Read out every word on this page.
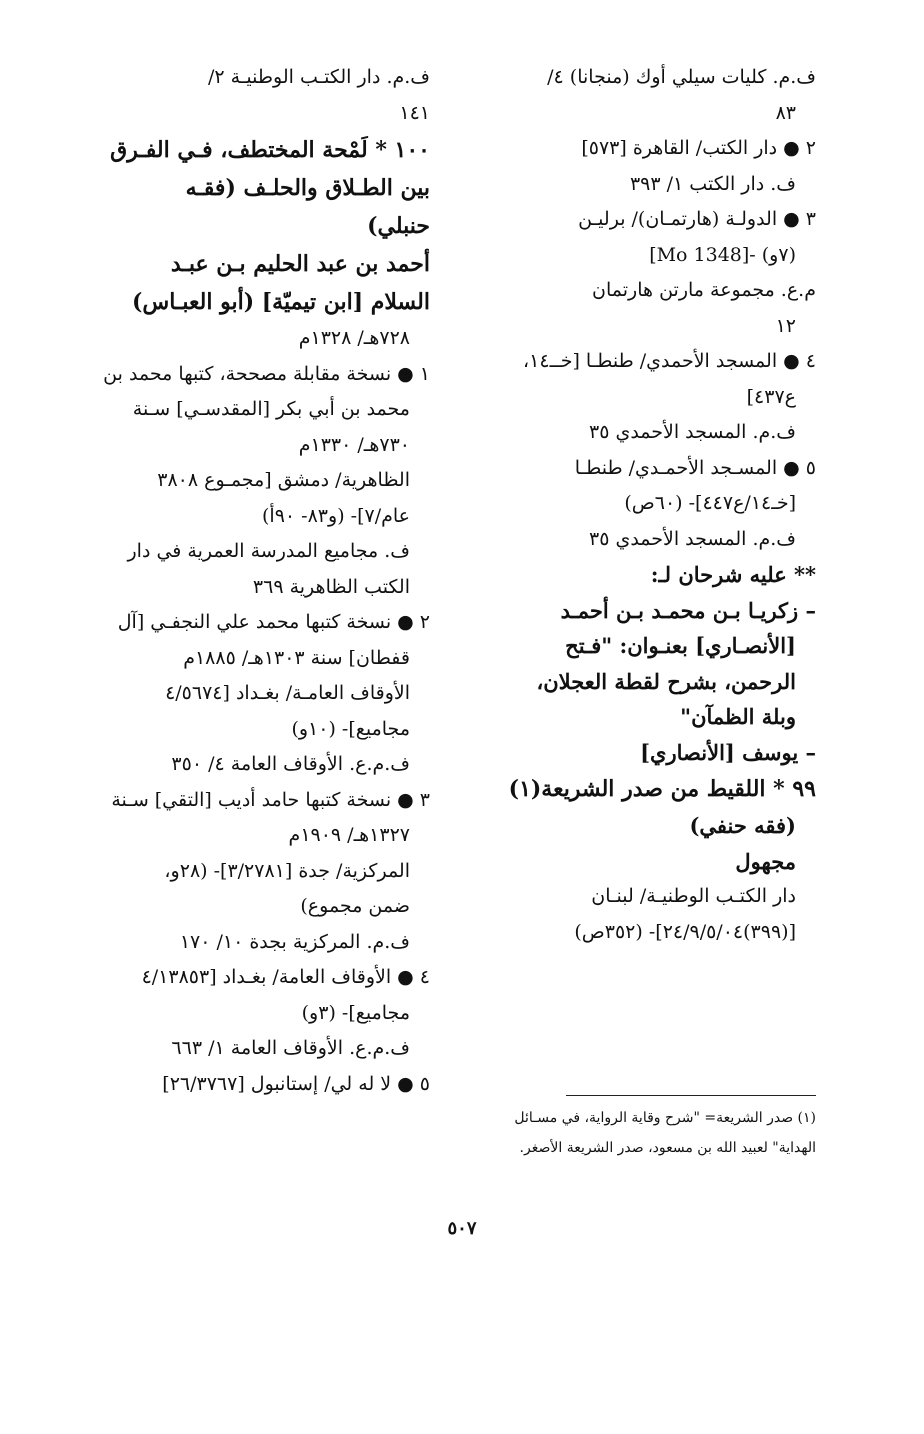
ف.م. كليات سيلي أوك (منجانا) ٤/
٨٣
٢ ● دار الكتب/ القاهرة [٥٧٣]
ف. دار الكتب ١/ ٣٩٣
٣ ● الدولـة (هارتمـان)/ برليـن
[Mo 1348]- (٧و)
م.ع. مجموعة مارتن هارتمان
١٢
٤ ● المسجد الأحمدي/ طنطـا [خــ١٤،
ع٤٣٧]
ف.م. المسجد الأحمدي ٣٥
٥ ● المسـجد الأحمـدي/ طنطـا
[خـ١٤/ع٤٤٧]- (٦٠ص)
ف.م. المسجد الأحمدي ٣٥
** عليه شرحان لـ:
– زكريـا بـن محمـد بـن أحمـد
[الأنصـاري] بعنـوان: "فـتح
الرحمن، بشرح لقطة العجلان،
وبلة الظمآن"
– يوسف [الأنصاري]
٩٩ * اللقيط من صدر الشريعة(١)
(فقه حنفي)
مجهول
دار الكتـب الوطنيـة/ لبنـان
[(٣٩٩)٢٤/٩/٥/٠٤]- (٣٥٢ص)
ف.م. دار الكتـب الوطنيـة ٢/
١٤١
١٠٠ * لَمْحة المختطف، فـي الفـرق
بين الطـلاق والحلـف (فقـه
حنبلي)
أحمد بن عبد الحليم بـن عبـد
السلام [ابن تيميّة] (أبو العبـاس)
٧٢٨هـ/ ١٣٢٨م
١ ● نسخة مقابلة مصححة، كتبها محمد بن
محمد بن أبي بكر [المقدسـي] سـنة
٧٣٠هـ/ ١٣٣٠م
الظاهرية/ دمشق [مجمـوع ٣٨٠٨
عام/٧]- (و٨٣- ٩٠أ)
ف. مجاميع المدرسة العمرية في دار
الكتب الظاهرية ٣٦٩
٢ ● نسخة كتبها محمد علي النجفـي [آل
قفطان] سنة ١٣٠٣هـ/ ١٨٨٥م
الأوقاف العامـة/ بغـداد [٤/٥٦٧٤
مجاميع]- (١٠و)
ف.م.ع. الأوقاف العامة ٤/ ٣٥٠
٣ ● نسخة كتبها حامد أديب [التقي] سـنة
١٣٢٧هـ/ ١٩٠٩م
المركزية/ جدة [٣/٢٧٨١]- (٢٨و،
ضمن مجموع)
ف.م. المركزية بجدة ١٠/ ١٧٠
٤ ● الأوقاف العامة/ بغـداد [٤/١٣٨٥٣
مجاميع]- (٣و)
ف.م.ع. الأوقاف العامة ١/ ٦٦٣
٥ ● لا له لي/ إستانبول [٢٦/٣٧٦٧]
(١) صدر الشريعة= "شرح وقاية الرواية، في مسـائل
الهداية" لعبيد الله بن مسعود، صدر الشريعة الأصغر.
٥٠٧
